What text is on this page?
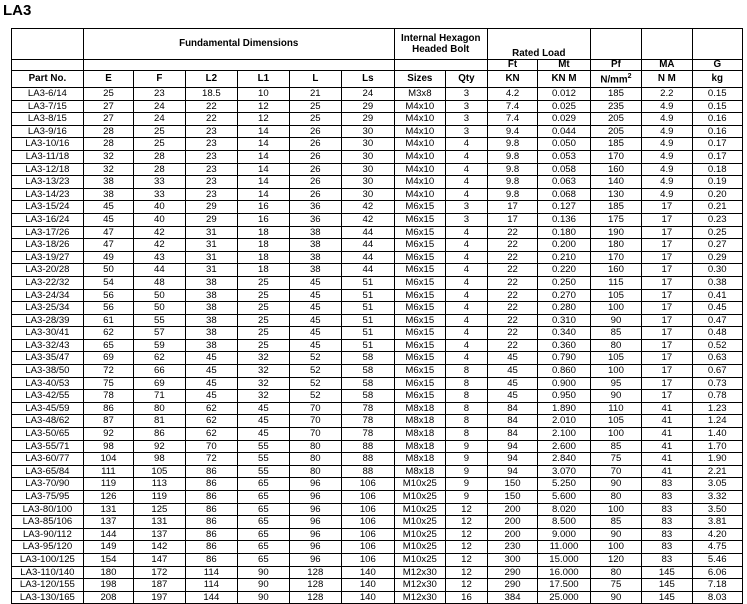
LA3
	Fundamental Dimensions						Internal Hexagon Headed Bolt		Rated Load				
									Ft	Mt	Pf	MA	G
Part No.	E	F	L2	L1	L	Ls	Sizes	Qty	KN	KN M	$N/mm^2$	N M	kg

LA3-6/14	25	23	18.5	10	21	24	M3x8	3	4.2	0.012	185	2.2	0.15

LA3-7/15	27	24	22	12	25	29	M4x10	3	7.4	0.025	235	4.9	0.15

LA3-8/15	27	24	22	12	25	29	M4x10	3	7.4	0.029	205	4.9	0.16

LA3-9/16	28	25	23	14	26	30	M4x10	3	9.4	0.044	205	4.9	0.16

LA3-10/16	28	25	23	14	26	30	M4x10	4	9.8	0.050	185	4.9	0.17

LA3-11/18	32	28	23	14	26	30	M4x10	4	9.8	0.053	170	4.9	0.17

LA3-12/18	32	28	23	14	26	30	M4x10	4	9.8	0.058	160	4.9	0.18

LA3-13/23	38	33	23	14	26	30	M4x10	4	9.8	0.063	140	4.9	0.19

LA3-14/23	38	33	23	14	26	30	M4x10	4	9.8	0.068	130	4.9	0.20

LA3-15/24	45	40	29	16	36	42	M6x15	3	17	0.127	185	17	0.21

LA3-16/24	45	40	29	16	36	42	M6x15	3	17	0.136	175	17	0.23

LA3-17/26	47	42	31	18	38	44	M6x15	4	22	0.180	190	17	0.25

LA3-18/26	47	42	31	18	38	44	M6x15	4	22	0.200	180	17	0.27

LA3-19/27	49	43	31	18	38	44	M6x15	4	22	0.210	170	17	0.29

LA3-20/28	50	44	31	18	38	44	M6x15	4	22	0.220	160	17	0.30

LA3-22/32	54	48	38	25	45	51	M6x15	4	22	0.250	115	17	0.38

LA3-24/34	56	50	38	25	45	51	M6x15	4	22	0.270	105	17	0.41

LA3-25/34	56	50	38	25	45	51	M6x15	4	22	0.280	100	17	0.45

LA3-28/39	61	55	38	25	45	51	M6x15	4	22	0.310	90	17	0.47

LA3-30/41	62	57	38	25	45	51	M6x15	4	22	0.340	85	17	0.48

LA3-32/43	65	59	38	25	45	51	M6x15	4	22	0.360	80	17	0.52

LA3-35/47	69	62	45	32	52	58	M6x15	4	45	0.790	105	17	0.63

LA3-38/50	72	66	45	32	52	58	M6x15	8	45	0.860	100	17	0.67

LA3-40/53	75	69	45	32	52	58	M6x15	8	45	0.900	95	17	0.73

LA3-42/55	78	71	45	32	52	58	M6x15	8	45	0.950	90	17	0.78

LA3-45/59	86	80	62	45	70	78	M8x18	8	84	1.890	110	41	1.23

LA3-48/62	87	81	62	45	70	78	M8x18	8	84	2.010	105	41	1.24

LA3-50/65	92	86	62	45	70	78	M8x18	8	84	2.100	100	41	1.40

LA3-55/71	98	92	70	55	80	88	M8x18	9	94	2.600	85	41	1.70

LA3-60/77	104	98	72	55	80	88	M8x18	9	94	2.840	75	41	1.90

LA3-65/84	111	105	86	55	80	88	M8x18	9	94	3.070	70	41	2.21

LA3-70/90	119	113	86	65	96	106	M10x25	9	150	5.250	90	83	3.05

LA3-75/95	126	119	86	65	96	106	M10x25	9	150	5.600	80	83	3.32

LA3-80/100	131	125	86	65	96	106	M10x25	12	200	8.020	100	83	3.50

LA3-85/106	137	131	86	65	96	106	M10x25	12	200	8.500	85	83	3.81

LA3-90/112	144	137	86	65	96	106	M10x25	12	200	9.000	90	83	4.20

LA3-95/120	149	142	86	65	96	106	M10x25	12	230	11.000	100	83	4.75

LA3-100/125	154	147	86	65	96	106	M10x25	12	300	15.000	120	83	5.46

LA3-110/140	180	172	114	90	128	140	M12x30	12	290	16.000	80	145	6.06

LA3-120/155	198	187	114	90	128	140	M12x30	12	290	17.500	75	145	7.18

LA3-130/165	208	197	144	90	128	140	M12x30	16	384	25.000	90	145	8.03
